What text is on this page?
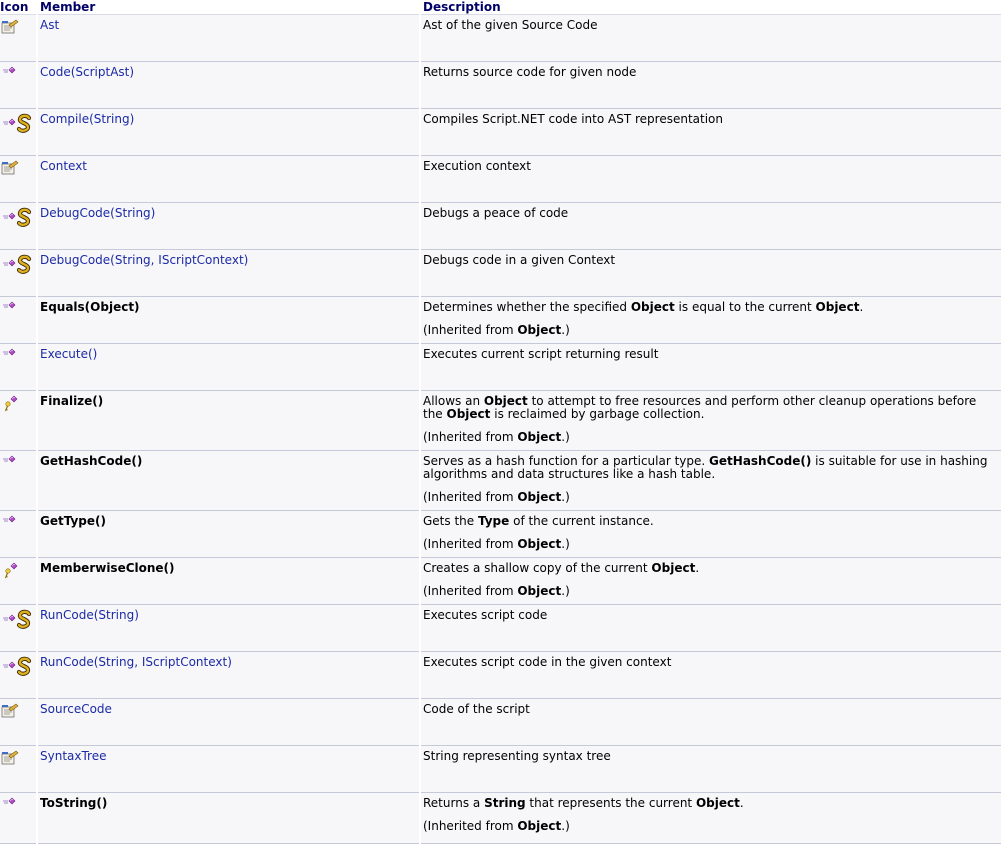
Icon	Member	Description

	Ast	Ast of the given Source Code

	Code(ScriptAst)	Returns source code for given node

	Compile(String)	Compiles Script.NET code into AST representation

	Context	Execution context

	DebugCode(String)	Debugs a peace of code

	DebugCode(String, IScriptContext)	Debugs code in a given Context

	Equals(Object)	Determines whether the specified Object is equal to the current Object.
(Inherited from Object.)

	Execute()	Executes current script returning result

	Finalize()	Allows an Object to attempt to free resources and perform other cleanup operations before the Object is reclaimed by garbage collection.
(Inherited from Object.)

	GetHashCode()	Serves as a hash function for a particular type. GetHashCode() is suitable for use in hashing algorithms and data structures like a hash table.
(Inherited from Object.)

	GetType()	Gets the Type of the current instance.
(Inherited from Object.)

	MemberwiseClone()	Creates a shallow copy of the current Object.
(Inherited from Object.)

	RunCode(String)	Executes script code

	RunCode(String, IScriptContext)	Executes script code in the given context

	SourceCode	Code of the script

	SyntaxTree	String representing syntax tree

	ToString()	Returns a String that represents the current Object.
(Inherited from Object.)
